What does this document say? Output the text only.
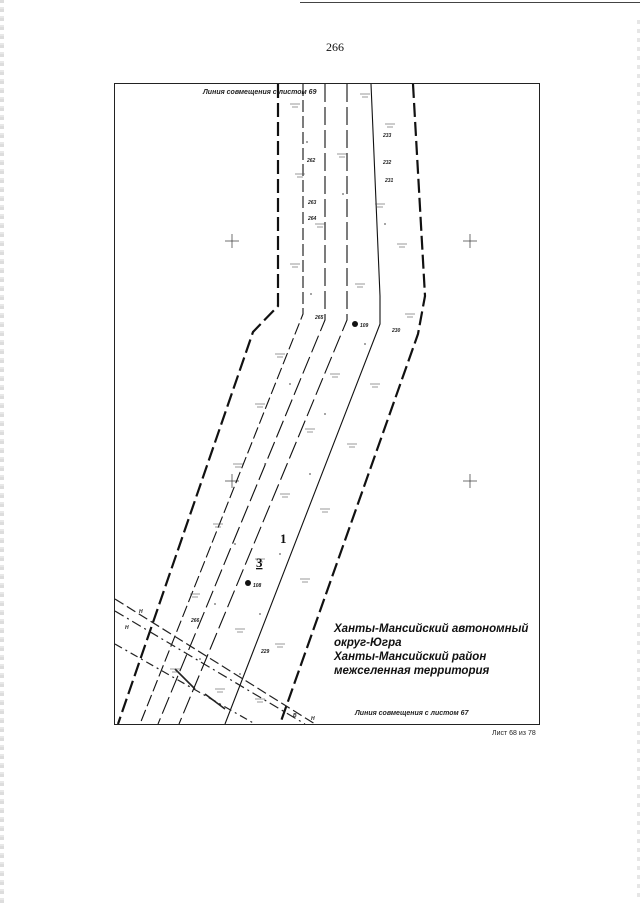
266
233
232
231
262
263
264
265
230
109
108
266
229
1
3
Н
Н
В	Н
Линия совмещения с листом 69
Линия совмещения с листом 67
Ханты-Мансийский автономный
округ-Югра
Ханты-Мансийский район
межселенная территория
Лист 68 из 78
